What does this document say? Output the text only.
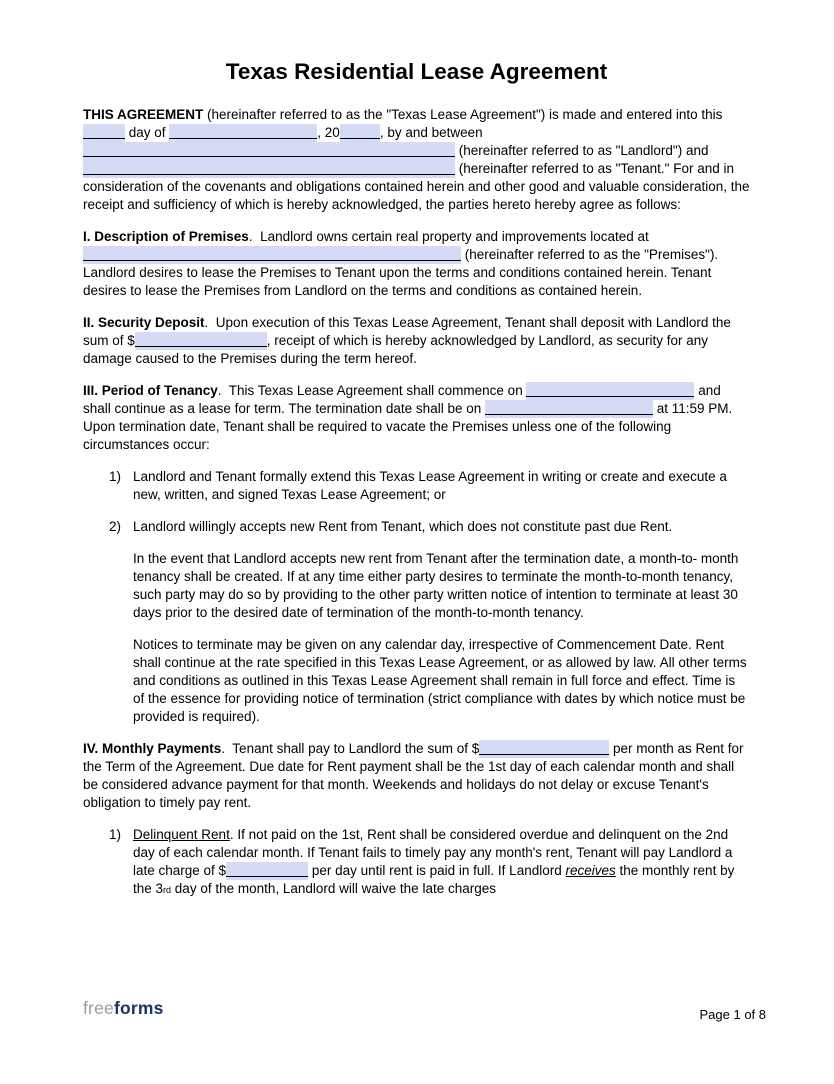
Texas Residential Lease Agreement
THIS AGREEMENT (hereinafter referred to as the "Texas Lease Agreement") is made and entered into this  day of	, 20	, by and between  (hereinafter referred to as "Landlord") and  (hereinafter referred to as "Tenant." For and in consideration of the covenants and obligations contained herein and other good and valuable consideration, the receipt and sufficiency of which is hereby acknowledged, the parties hereto hereby agree as follows:
I. Description of Premises.  Landlord owns certain real property and improvements located at  (hereinafter referred to as the "Premises"). Landlord desires to lease the Premises to Tenant upon the terms and conditions contained herein. Tenant desires to lease the Premises from Landlord on the terms and conditions as contained herein.
II. Security Deposit.  Upon execution of this Texas Lease Agreement, Tenant shall deposit with Landlord the sum of $	, receipt of which is hereby acknowledged by Landlord, as security for any damage caused to the Premises during the term hereof.
III. Period of Tenancy.  This Texas Lease Agreement shall commence on	and shall continue as a lease for term. The termination date shall be on	at 11:59 PM. Upon termination date, Tenant shall be required to vacate the Premises unless one of the following circumstances occur:
1) Landlord and Tenant formally extend this Texas Lease Agreement in writing or create and execute a new, written, and signed Texas Lease Agreement; or
2) Landlord willingly accepts new Rent from Tenant, which does not constitute past due Rent.
In the event that Landlord accepts new rent from Tenant after the termination date, a month-to- month tenancy shall be created. If at any time either party desires to terminate the month-to-month tenancy, such party may do so by providing to the other party written notice of intention to terminate at least 30 days prior to the desired date of termination of the month-to-month tenancy.
Notices to terminate may be given on any calendar day, irrespective of Commencement Date. Rent shall continue at the rate specified in this Texas Lease Agreement, or as allowed by law. All other terms and conditions as outlined in this Texas Lease Agreement shall remain in full force and effect. Time is of the essence for providing notice of termination (strict compliance with dates by which notice must be provided is required).
IV. Monthly Payments.  Tenant shall pay to Landlord the sum of $	per month as Rent for the Term of the Agreement. Due date for Rent payment shall be the 1st day of each calendar month and shall be considered advance payment for that month. Weekends and holidays do not delay or excuse Tenant's obligation to timely pay rent.
1) Delinquent Rent. If not paid on the 1st, Rent shall be considered overdue and delinquent on the 2nd day of each calendar month. If Tenant fails to timely pay any month's rent, Tenant will pay Landlord a late charge of $	per day until rent is paid in full. If Landlord receives the monthly rent by the 3rd day of the month, Landlord will waive the late charges
freeforms	Page 1 of 8
